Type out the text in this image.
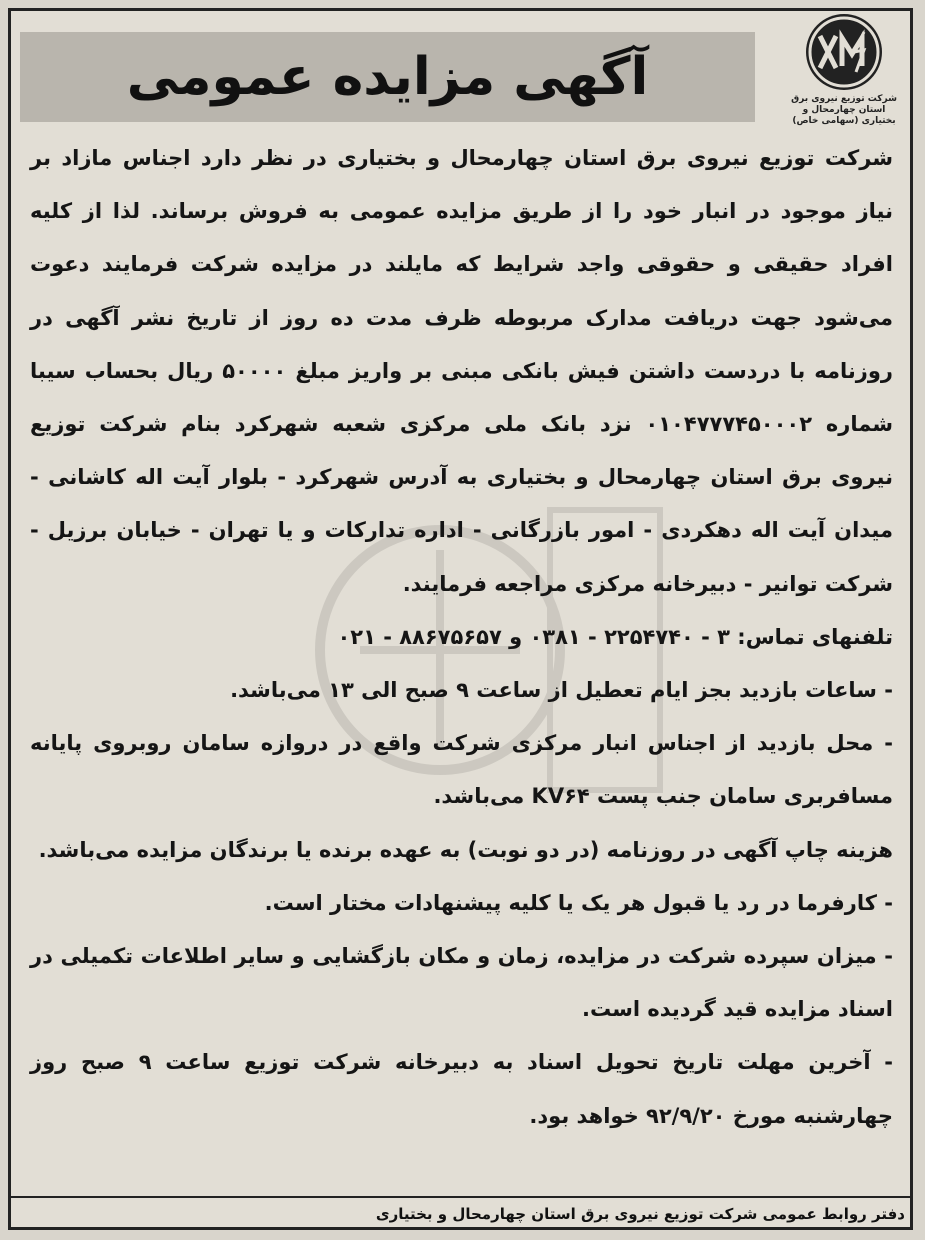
آگهی مزایده عمومی	شرکت توزیع نیروی برق استان چهارمحال و بختیاری (سهامی خاص)

شرکت توزیع نیروی برق استان چهارمحال و بختیاری در نظر دارد اجناس مازاد بر نیاز موجود در انبار خود را از طریق مزایده عمومی به فروش برساند. لذا از کلیه افراد حقیقی و حقوقی واجد شرایط که مایلند در مزایده شرکت فرمایند دعوت می‌شود جهت دریافت مدارک مربوطه ظرف مدت ده روز از تاریخ نشر آگهی در روزنامه با دردست داشتن فیش بانکی مبنی بر واریز مبلغ ۵۰۰۰۰ ریال بحساب سیبا شماره ۰۱۰۴۷۷۷۴۵۰۰۰۲ نزد بانک ملی مرکزی شعبه شهرکرد بنام شرکت توزیع نیروی برق استان چهارمحال و بختیاری به آدرس شهرکرد - بلوار آیت اله کاشانی - میدان آیت اله دهکردی - امور بازرگانی - اداره تدارکات و یا تهران - خیابان برزیل - شرکت توانیر - دبیرخانه مرکزی مراجعه فرمایند.

تلفنهای تماس: ۳ - ۲۲۵۴۷۴۰ - ۰۳۸۱ و ۸۸۶۷۵۶۵۷ - ۰۲۱

- ساعات بازدید بجز ایام تعطیل از ساعت ۹ صبح الی ۱۳ می‌باشد.

- محل بازدید از اجناس انبار مرکزی شرکت واقع در دروازه سامان روبروی پایانه مسافربری سامان جنب پست KV۶۴ می‌باشد.

هزینه چاپ آگهی در روزنامه (در دو نوبت) به عهده برنده یا برندگان مزایده می‌باشد.

- کارفرما در رد یا قبول هر یک یا کلیه پیشنهادات مختار است.

- میزان سپرده شرکت در مزایده، زمان و مکان بازگشایی و سایر اطلاعات تکمیلی در اسناد مزایده قید گردیده است.

- آخرین مهلت تاریخ تحویل اسناد به دبیرخانه شرکت توزیع ساعت ۹ صبح روز چهارشنبه مورخ ۹۲/۹/۲۰ خواهد بود.

دفتر روابط عمومی شرکت توزیع نیروی برق استان چهارمحال و بختیاری
